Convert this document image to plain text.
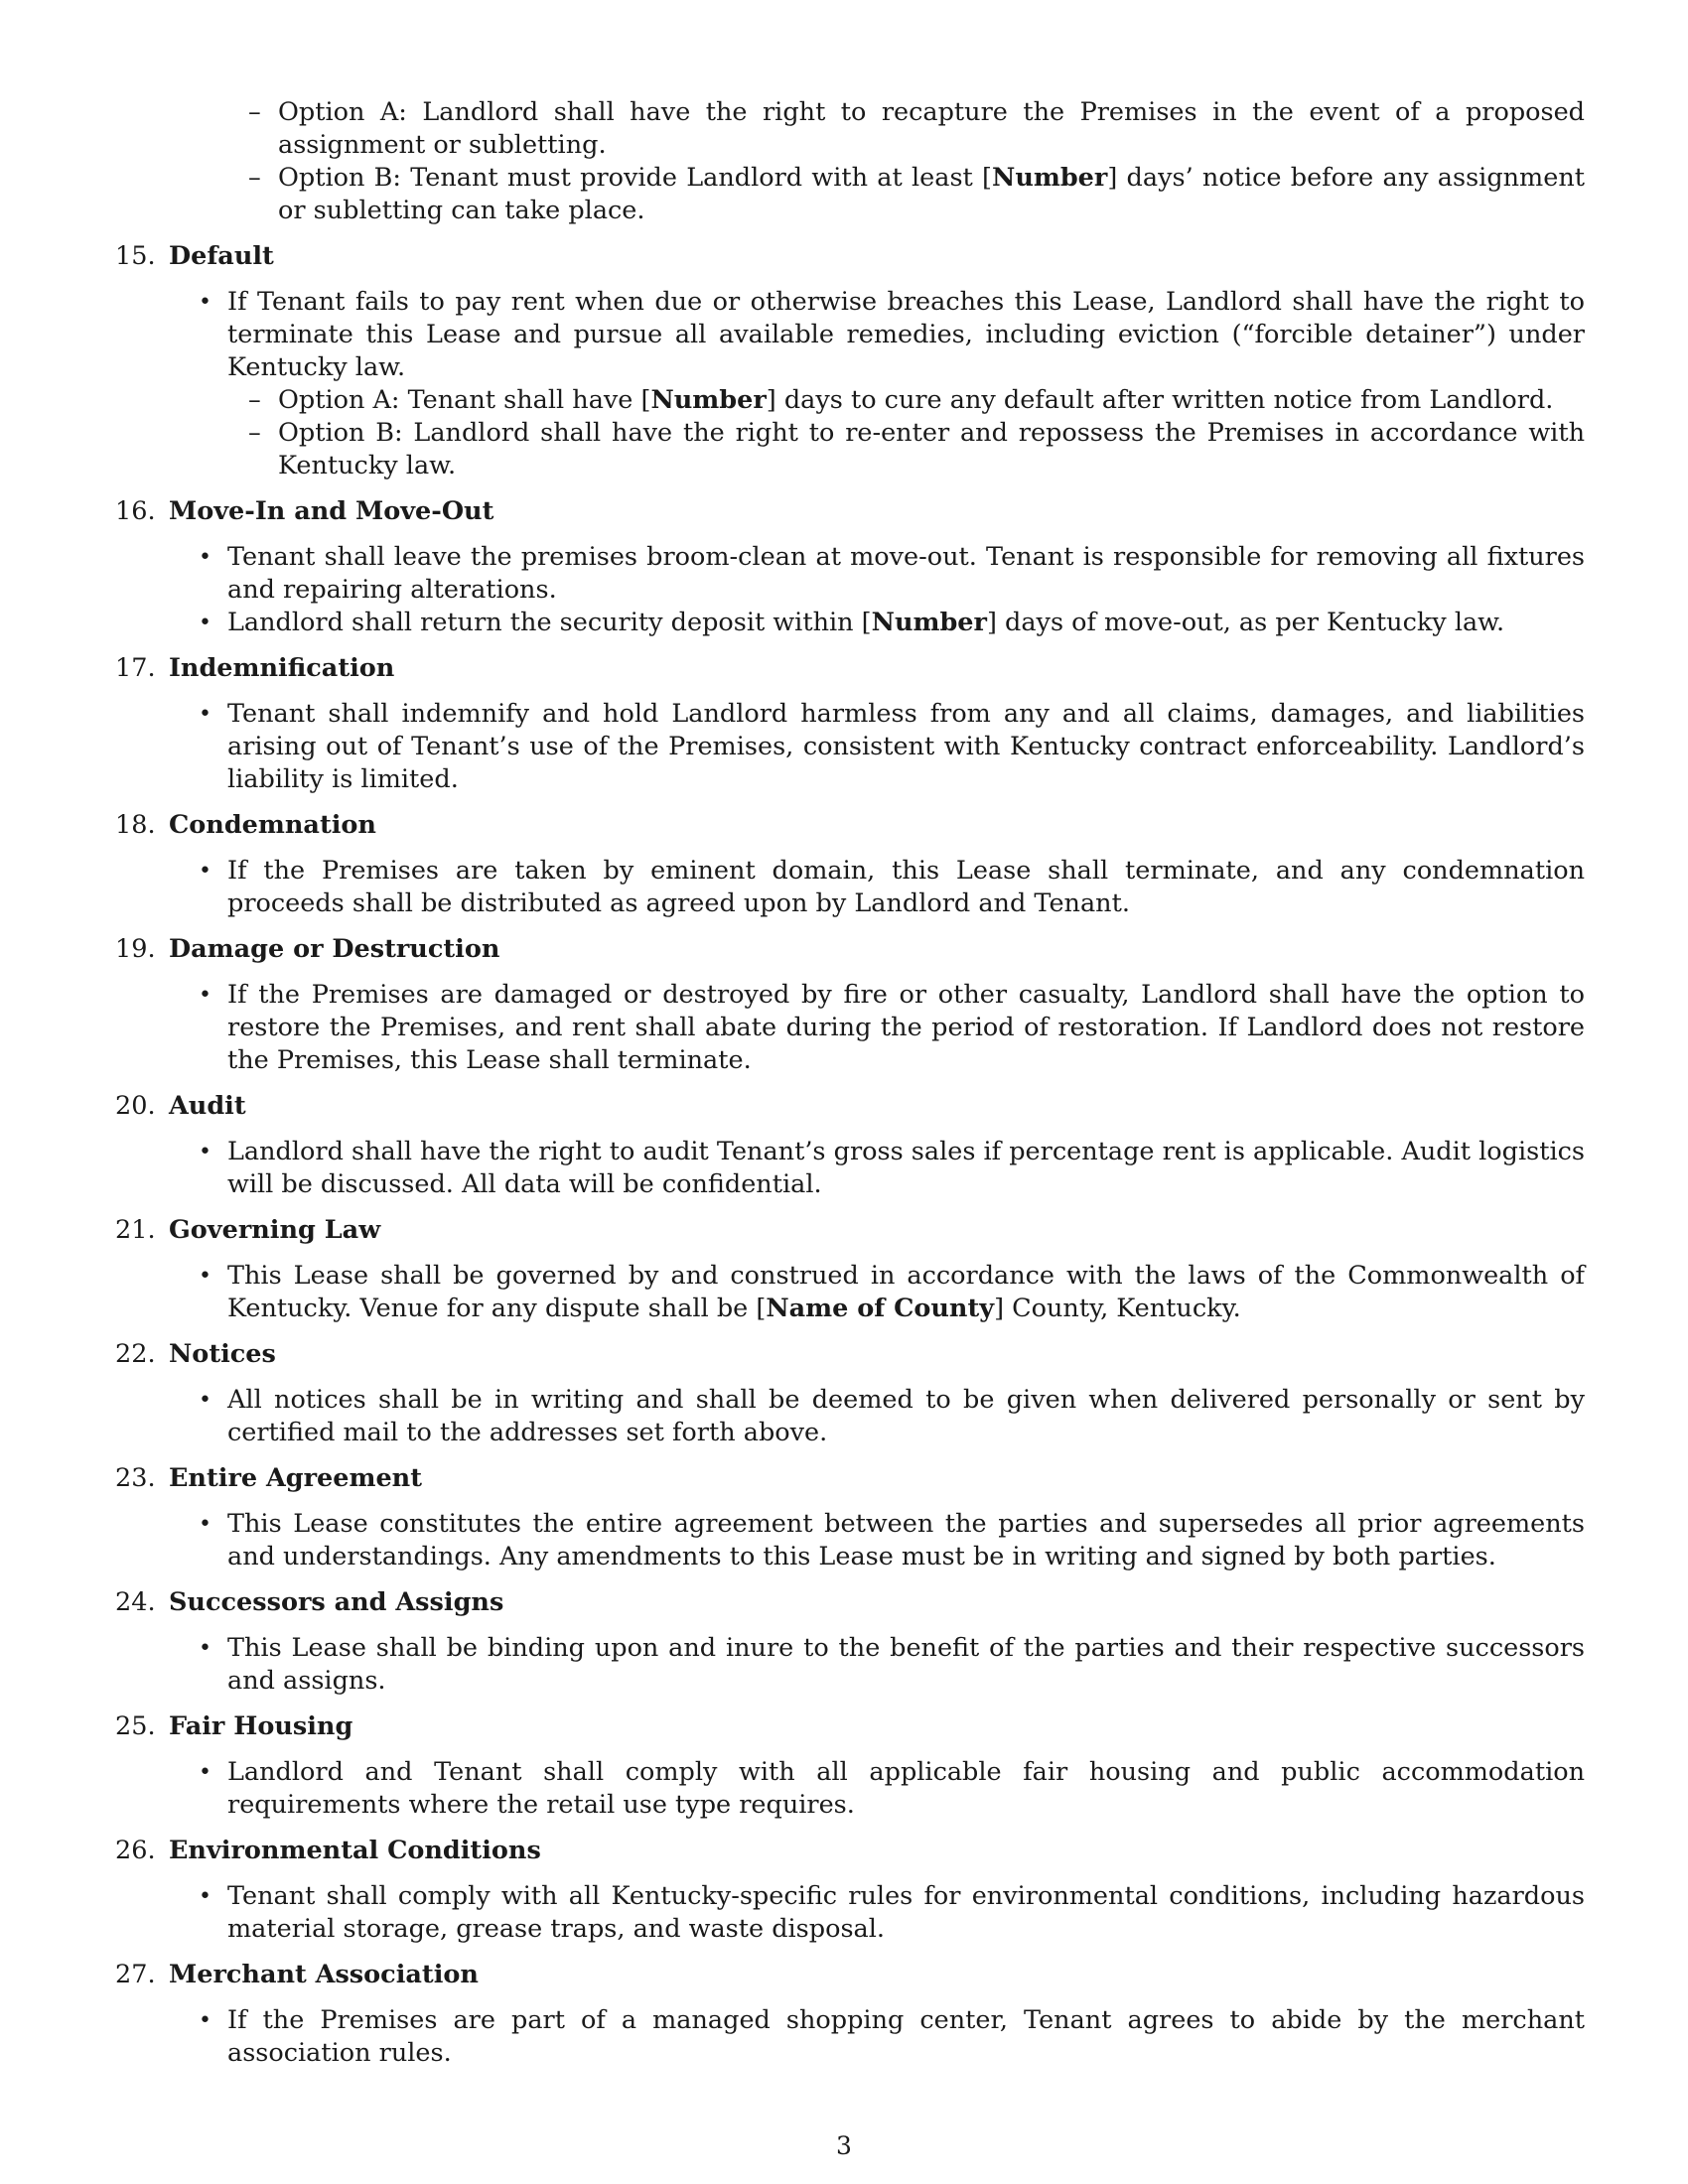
– Option A: Landlord shall have the right to recapture the Premises in the event of a proposed assignment or subletting.
– Option B: Tenant must provide Landlord with at least [Number] days’ notice before any assignment or subletting can take place.
15. Default
• If Tenant fails to pay rent when due or otherwise breaches this Lease, Landlord shall have the right to terminate this Lease and pursue all available remedies, including eviction (“forcible detainer”) under Kentucky law.
– Option A: Tenant shall have [Number] days to cure any default after written notice from Landlord.
– Option B: Landlord shall have the right to re-enter and repossess the Premises in accordance with Kentucky law.
16. Move-In and Move-Out
• Tenant shall leave the premises broom-clean at move-out. Tenant is responsible for removing all fixtures and repairing alterations.
• Landlord shall return the security deposit within [Number] days of move-out, as per Kentucky law.
17. Indemnification
• Tenant shall indemnify and hold Landlord harmless from any and all claims, damages, and liabilities arising out of Tenant’s use of the Premises, consistent with Kentucky contract enforceability. Landlord’s liability is limited.
18. Condemnation
• If the Premises are taken by eminent domain, this Lease shall terminate, and any condemnation proceeds shall be distributed as agreed upon by Landlord and Tenant.
19. Damage or Destruction
• If the Premises are damaged or destroyed by fire or other casualty, Landlord shall have the option to restore the Premises, and rent shall abate during the period of restoration. If Landlord does not restore the Premises, this Lease shall terminate.
20. Audit
• Landlord shall have the right to audit Tenant’s gross sales if percentage rent is applicable. Audit logistics will be discussed. All data will be confidential.
21. Governing Law
• This Lease shall be governed by and construed in accordance with the laws of the Commonwealth of Kentucky. Venue for any dispute shall be [Name of County] County, Kentucky.
22. Notices
• All notices shall be in writing and shall be deemed to be given when delivered personally or sent by certified mail to the addresses set forth above.
23. Entire Agreement
• This Lease constitutes the entire agreement between the parties and supersedes all prior agreements and understandings. Any amendments to this Lease must be in writing and signed by both parties.
24. Successors and Assigns
• This Lease shall be binding upon and inure to the benefit of the parties and their respective successors and assigns.
25. Fair Housing
• Landlord and Tenant shall comply with all applicable fair housing and public accommodation requirements where the retail use type requires.
26. Environmental Conditions
• Tenant shall comply with all Kentucky-specific rules for environmental conditions, including hazardous material storage, grease traps, and waste disposal.
27. Merchant Association
• If the Premises are part of a managed shopping center, Tenant agrees to abide by the merchant association rules.
3
